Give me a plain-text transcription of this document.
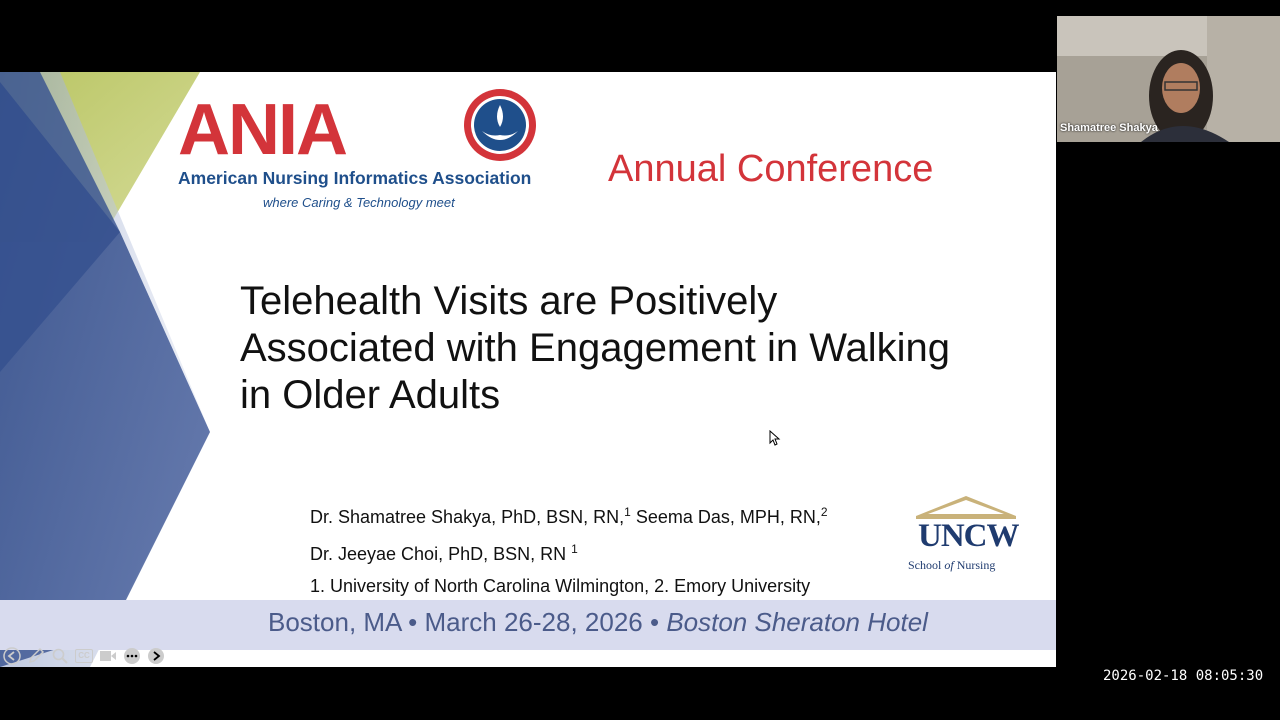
ANIA
American Nursing Informatics Association
where Caring & Technology meet
Annual Conference
Telehealth Visits are Positively
Associated with Engagement in Walking
in Older Adults
Dr. Shamatree Shakya, PhD, BSN, RN,$^1$ Seema Das, MPH, RN,$^2$
Dr. Jeeyae Choi, PhD, BSN, RN $^1$
1. University of North Carolina Wilmington, 2. Emory University
UNCW
School of Nursing
Boston, MA • March 26-28, 2026 • Boston Sheraton Hotel
CC
Shamatree Shakya
2026-02-18 08:05:30
